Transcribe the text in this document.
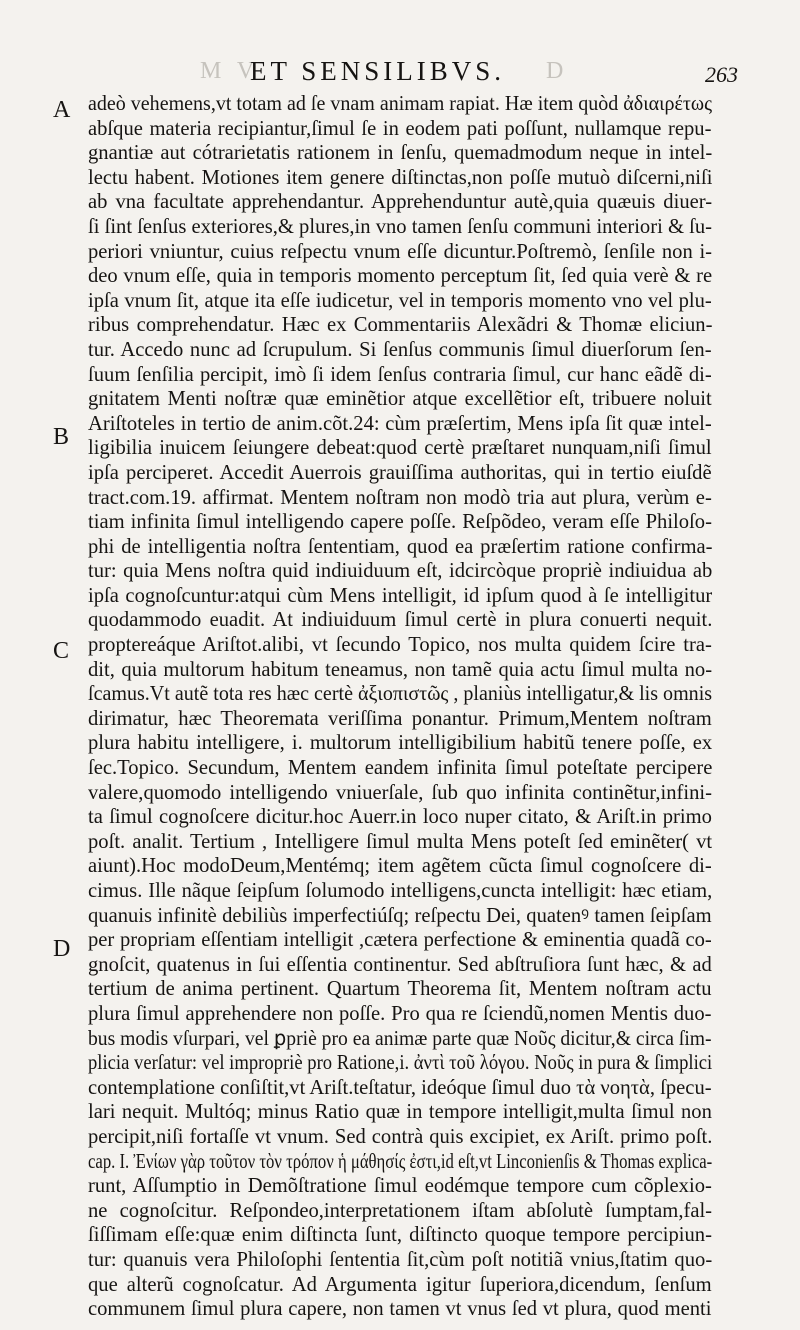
M V
ET SENSILIBVS. D	263
A
B
C
D
adeò vehemens,vt totam ad ſe vnam animam rapiat. Hæ item quòd ἀδιαιρέτως
abſque materia recipiantur,ſimul ſe in eodem pati poſſunt, nullamque repu-
gnantiæ aut cótrarietatis rationem in ſenſu, quemadmodum neque in intel-
lectu habent. Motiones item genere diſtinctas,non poſſe mutuò diſcerni,niſi
ab vna facultate apprehendantur. Apprehenduntur autè,quia quæuis diuer-
ſi ſint ſenſus exteriores,& plures,in vno tamen ſenſu communi interiori & ſu-
periori vniuntur, cuius reſpectu vnum eſſe dicuntur.Poſtremò, ſenſile non i-
deo vnum eſſe, quia in temporis momento perceptum ſit, ſed quia verè & re
ipſa vnum ſit, atque ita eſſe iudicetur, vel in temporis momento vno vel plu-
ribus comprehendatur. Hæc ex Commentariis Alexãdri & Thomæ eliciun-
tur. Accedo nunc ad ſcrupulum. Si ſenſus communis ſimul diuerſorum ſen-
ſuum ſenſilia percipit, imò ſi idem ſenſus contraria ſimul, cur hanc eãdẽ di-
gnitatem Menti noſtræ quæ eminẽtior atque excellẽtior eſt, tribuere noluit
Ariſtoteles in tertio de anim.cõt.24: cùm præſertim, Mens ipſa ſit quæ intel-
ligibilia inuicem ſeiungere debeat:quod certè præſtaret nunquam,niſi ſimul
ipſa perciperet. Accedit Auerrois grauiſſima authoritas, qui in tertio eiuſdẽ
tract.com.19. affirmat. Mentem noſtram non modò tria aut plura, verùm e-
tiam infinita ſimul intelligendo capere poſſe. Reſpõdeo, veram eſſe Philoſo-
phi de intelligentia noſtra ſententiam, quod ea præſertim ratione confirma-
tur: quia Mens noſtra quid indiuiduum eſt, idcircòque propriè indiuidua ab
ipſa cognoſcuntur:atqui cùm Mens intelligit, id ipſum quod à ſe intelligitur
quodammodo euadit. At indiuiduum ſimul certè in plura conuerti nequit.
proptereáque Ariſtot.alibi, vt ſecundo Topico, nos multa quidem ſcire tra-
dit, quia multorum habitum teneamus, non tamẽ quia actu ſimul multa no-
ſcamus.Vt autẽ tota res hæc certè ἀξιοπιστῶς , planiùs intelligatur,& lis omnis
dirimatur, hæc Theoremata veriſſima ponantur. Primum,Mentem noſtram
plura habitu intelligere, i. multorum intelligibilium habitũ tenere poſſe, ex
ſec.Topico. Secundum, Mentem eandem infinita ſimul poteſtate percipere
valere,quomodo intelligendo vniuerſale, ſub quo infinita continẽtur,infini-
ta ſimul cognoſcere dicitur.hoc Auerr.in loco nuper citato, & Ariſt.in primo
poſt. analit. Tertium , Intelligere ſimul multa Mens poteſt ſed eminẽter( vt
aiunt).Hoc modoDeum,Mentémq; item agẽtem cũcta ſimul cognoſcere di-
cimus. Ille nãque ſeipſum ſolumodo intelligens,cuncta intelligit: hæc etiam,
quanuis infinitè debiliùs imperfectiúſq; reſpectu Dei, quatenꝰ tamen ſeipſam
per propriam eſſentiam intelligit ,cætera perfectione & eminentia quadã co-
gnoſcit, quatenus in ſui eſſentia continentur. Sed abſtruſiora ſunt hæc, & ad
tertium de anima pertinent. Quartum Theorema ſit, Mentem noſtram actu
plura ſimul apprehendere non poſſe. Pro qua re ſciendũ,nomen Mentis duo-
bus modis vſurpari, vel ꝑpriè pro ea animæ parte quæ Νοῦς dicitur,& circa ſim-
plicia verſatur: vel impropriè pro Ratione,i. ἀντὶ τοῦ λόγου. Νοῦς in pura & ſimplici
contemplatione conſiſtit,vt Ariſt.teſtatur, ideóque ſimul duo τὰ νοητὰ, ſpecu-
lari nequit. Multóq; minus Ratio quæ in tempore intelligit,multa ſimul non
percipit,niſi fortaſſe vt vnum. Sed contrà quis excipiet, ex Ariſt. primo poſt.
cap. I. Ἐνίων γὰρ τοῦτον τὸν τρόπον ἡ μάθησίς ἐστι,id eſt,vt Linconienſis & Thomas explica-
runt, Aſſumptio in Demõſtratione ſimul eodémque tempore cum cõplexio-
ne cognoſcitur. Reſpondeo,interpretationem iſtam abſolutè ſumptam,fal-
ſiſſimam eſſe:quæ enim diſtincta ſunt, diſtincto quoque tempore percipiun-
tur: quanuis vera Philoſophi ſententia ſit,cùm poſt notitiã vnius,ſtatim quo-
que alterũ cognoſcatur. Ad Argumenta igitur ſuperiora,dicendum, ſenſum
communem ſimul plura capere, non tamen vt vnus ſed vt plura, quod menti
